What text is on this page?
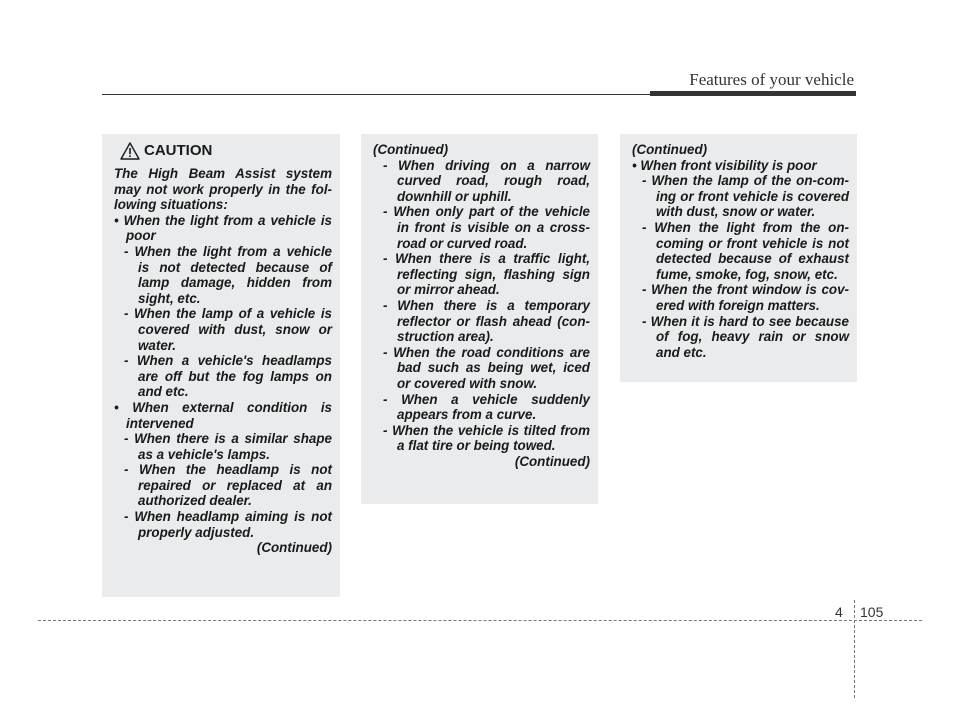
Features of your vehicle
CAUTION

The High Beam Assist system may not work properly in the fol-lowing situations:

• When the light from a vehicle is poor

- When the light from a vehicle is not detected because of lamp damage, hidden from sight, etc.

- When the lamp of a vehicle is covered with dust, snow or water.

- When a vehicle's headlamps are off but the fog lamps on and etc.

• When external condition is intervened

- When there is a similar shape as a vehicle's lamps.

- When the headlamp is not repaired or replaced at an authorized dealer.

- When headlamp aiming is not properly adjusted.

(Continued)

(Continued)

- When driving on a narrow curved road, rough road, downhill or uphill.

- When only part of the vehicle in front is visible on a cross-road or curved road.

- When there is a traffic light, reflecting sign, flashing sign or mirror ahead.

- When there is a temporary reflector or flash ahead (con-struction area).

- When the road conditions are bad such as being wet, iced or covered with snow.

- When a vehicle suddenly appears from a curve.

- When the vehicle is tilted from a flat tire or being towed.

(Continued)

(Continued)

• When front visibility is poor

- When the lamp of the on-com-ing or front vehicle is covered with dust, snow or water.

- When the light from the on-coming or front vehicle is not detected because of exhaust fume, smoke, fog, snow, etc.

- When the front window is cov-ered with foreign matters.

- When it is hard to see because of fog, heavy rain or snow and etc.

4 105
